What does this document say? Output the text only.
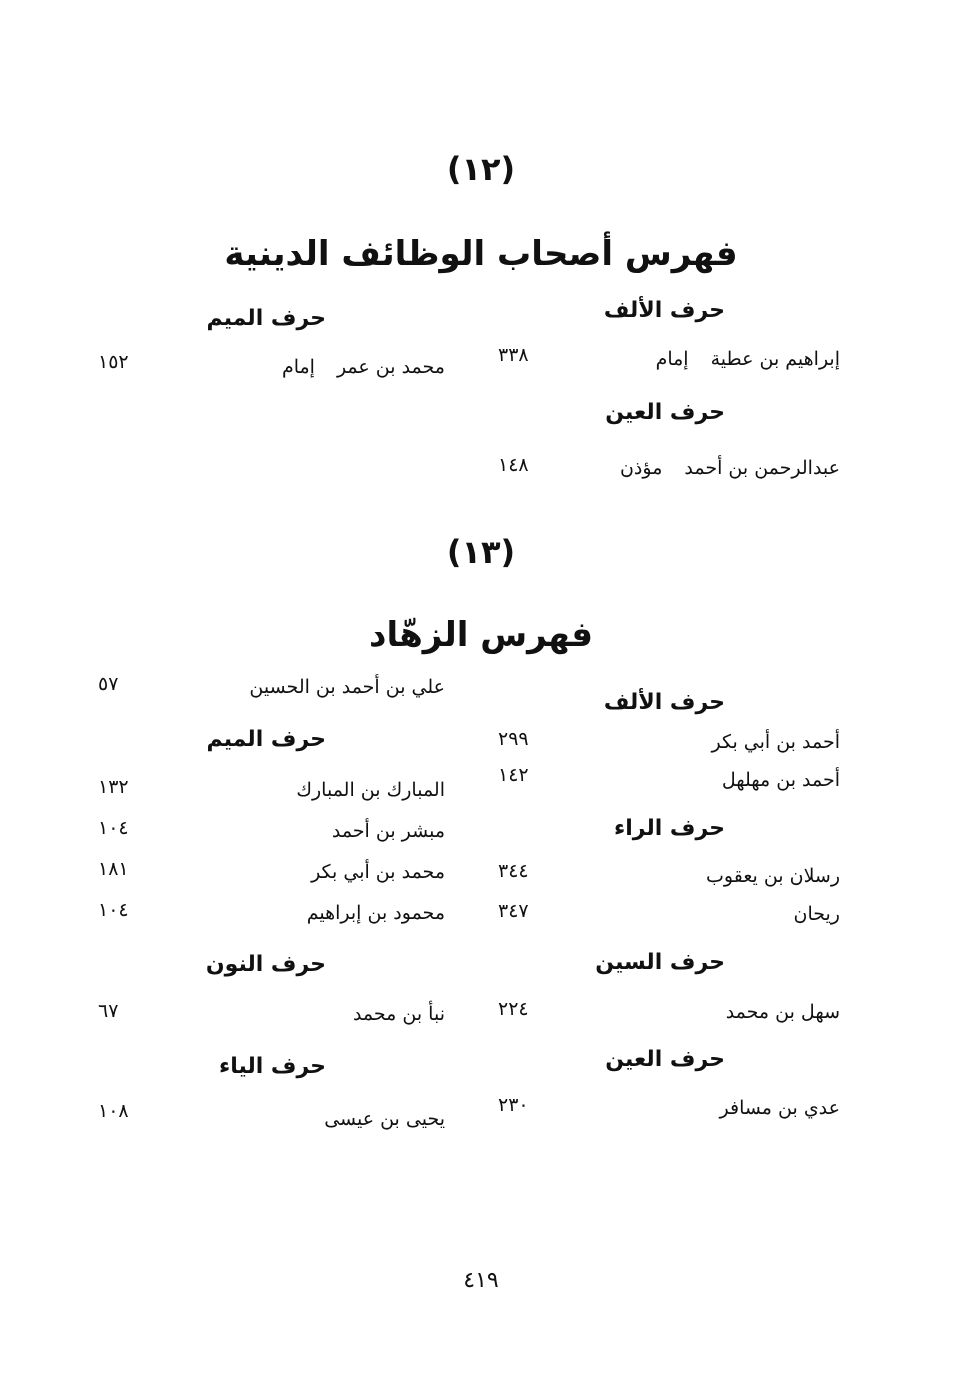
(١٢)
فهرس أصحاب الوظائف الدينية
حرف الألف
إبراهيم بن عطيةإمام
٣٣٨
حرف العين
عبدالرحمن بن أحمدمؤذن
١٤٨
حرف الميم
محمد بن عمرإمام
١٥٢
(١٣)
فهرس الزهّاد
حرف الألف
أحمد بن أبي بكر
٢٩٩
أحمد بن مهلهل
١٤٢
حرف الراء
رسلان بن يعقوب
٣٤٤
ريحان
٣٤٧
حرف السين
سهل بن محمد
٢٢٤
حرف العين
عدي بن مسافر
٢٣٠
علي بن أحمد بن الحسين
٥٧
حرف الميم
المبارك بن المبارك
١٣٢
مبشر بن أحمد
١٠٤
محمد بن أبي بكر
١٨١
محمود بن إبراهيم
١٠٤
حرف النون
نبأ بن محمد
٦٧
حرف الياء
يحيى بن عيسى
١٠٨
٤١٩
